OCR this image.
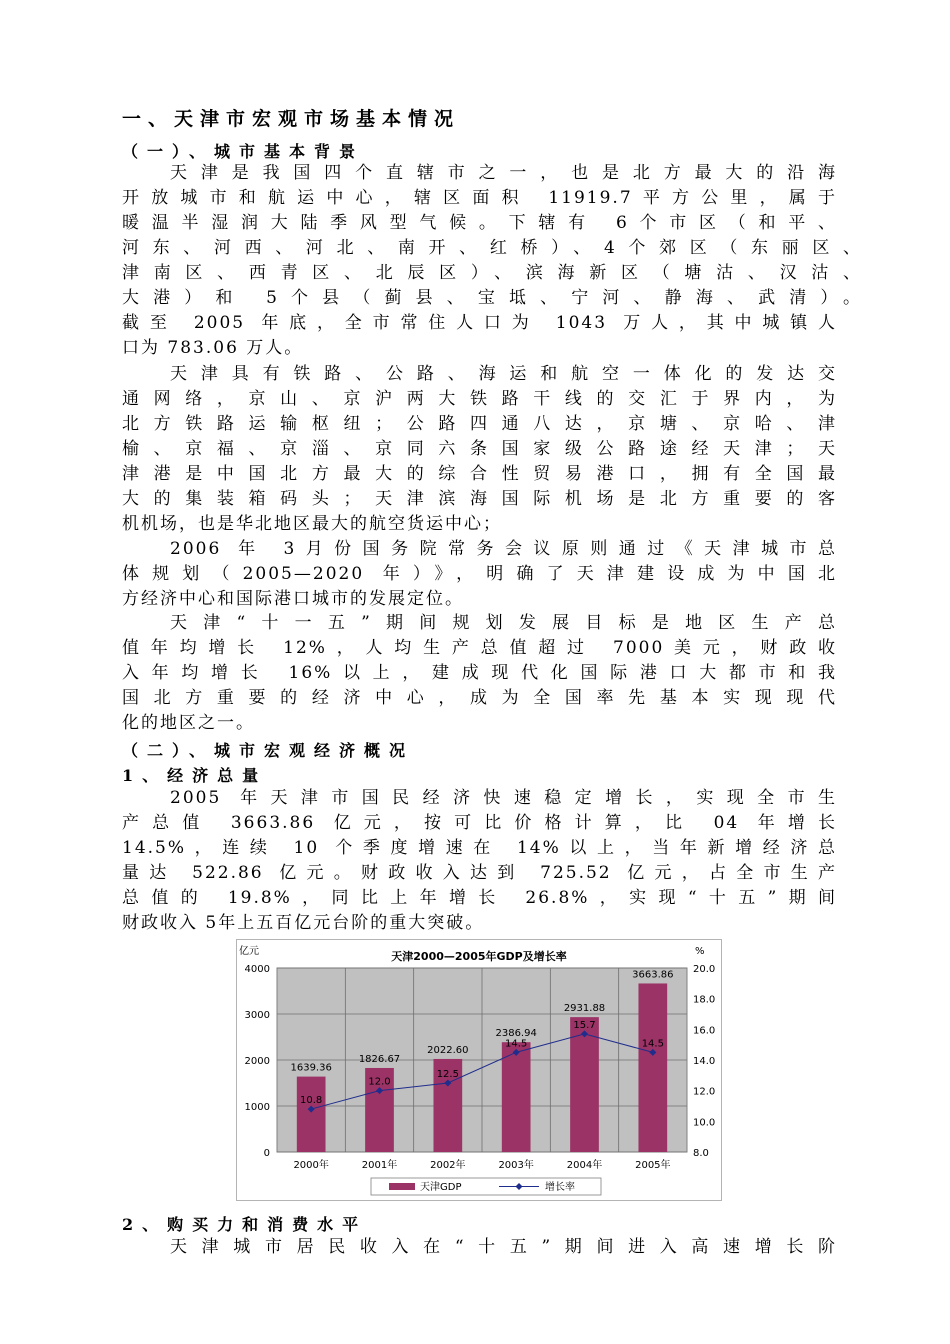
一、天津市宏观市场基本情况
（一）、城市基本背景
天津是我国四个直辖市之一，也是北方最大的沿海
开放城市和航运中心，辖区面积 11919.7平方公里，属于
暖温半湿润大陆季风型气候。下辖有 6个市区（和平、
河东、河西、河北、南开、红桥）、4个郊区（东丽区、
津南区、西青区、北辰区）、滨海新区（塘沽、汉沽、
大港）和 5个县（蓟县、宝坻、宁河、静海、武清）。
截至 2005 年底，全市常住人口为 1043 万人，其中城镇人
口为 783.06 万人。
天津具有铁路、公路、海运和航空一体化的发达交
通网络，京山、京沪两大铁路干线的交汇于界内，为
北方铁路运输枢纽；公路四通八达，京塘、京哈、津
榆、京福、京淄、京同六条国家级公路途经天津；天
津港是中国北方最大的综合性贸易港口，拥有全国最
大的集装箱码头；天津滨海国际机场是北方重要的客
机机场，也是华北地区最大的航空货运中心；
2006 年 3月份国务院常务会议原则通过《天津城市总
体规划（2005—2020 年）》，明确了天津建设成为中国北
方经济中心和国际港口城市的发展定位。
天津“十一五”期间规划发展目标是地区生产总
值年均增长 12%，人均生产总值超过 7000美元，财政收
入年均增长 16%以上，建成现代化国际港口大都市和我
国北方重要的经济中心，成为全国率先基本实现现代
化的地区之一。
（二）、城市宏观经济概况
1、经济总量
2005 年天津市国民经济快速稳定增长，实现全市生
产总值 3663.86 亿元，按可比价格计算，比 04 年增长
14.5%，连续 10 个季度增速在 14%以上，当年新增经济总
量达 522.86 亿元。财政收入达到 725.52 亿元，占全市生产
总值的 19.8%，同比上年增长 26.8%，实现“十五”期间
财政收入 5年上五百亿元台阶的重大突破。
天津2000—2005年GDP及增长率
0
1000
2000
3000
4000
8.0
10.0
12.0
14.0
16.0
18.0
20.0
亿元	%
1639.36
1826.67
2022.60
2386.94
2931.88
3663.86
10.8
12.0
12.5
14.5
15.7
14.5
2000年	2001年	2002年	2003年	2004年	2005年
天津GDP	增长率
2、购买力和消费水平
天津城市居民收入在“十五”期间进入高速增长阶
